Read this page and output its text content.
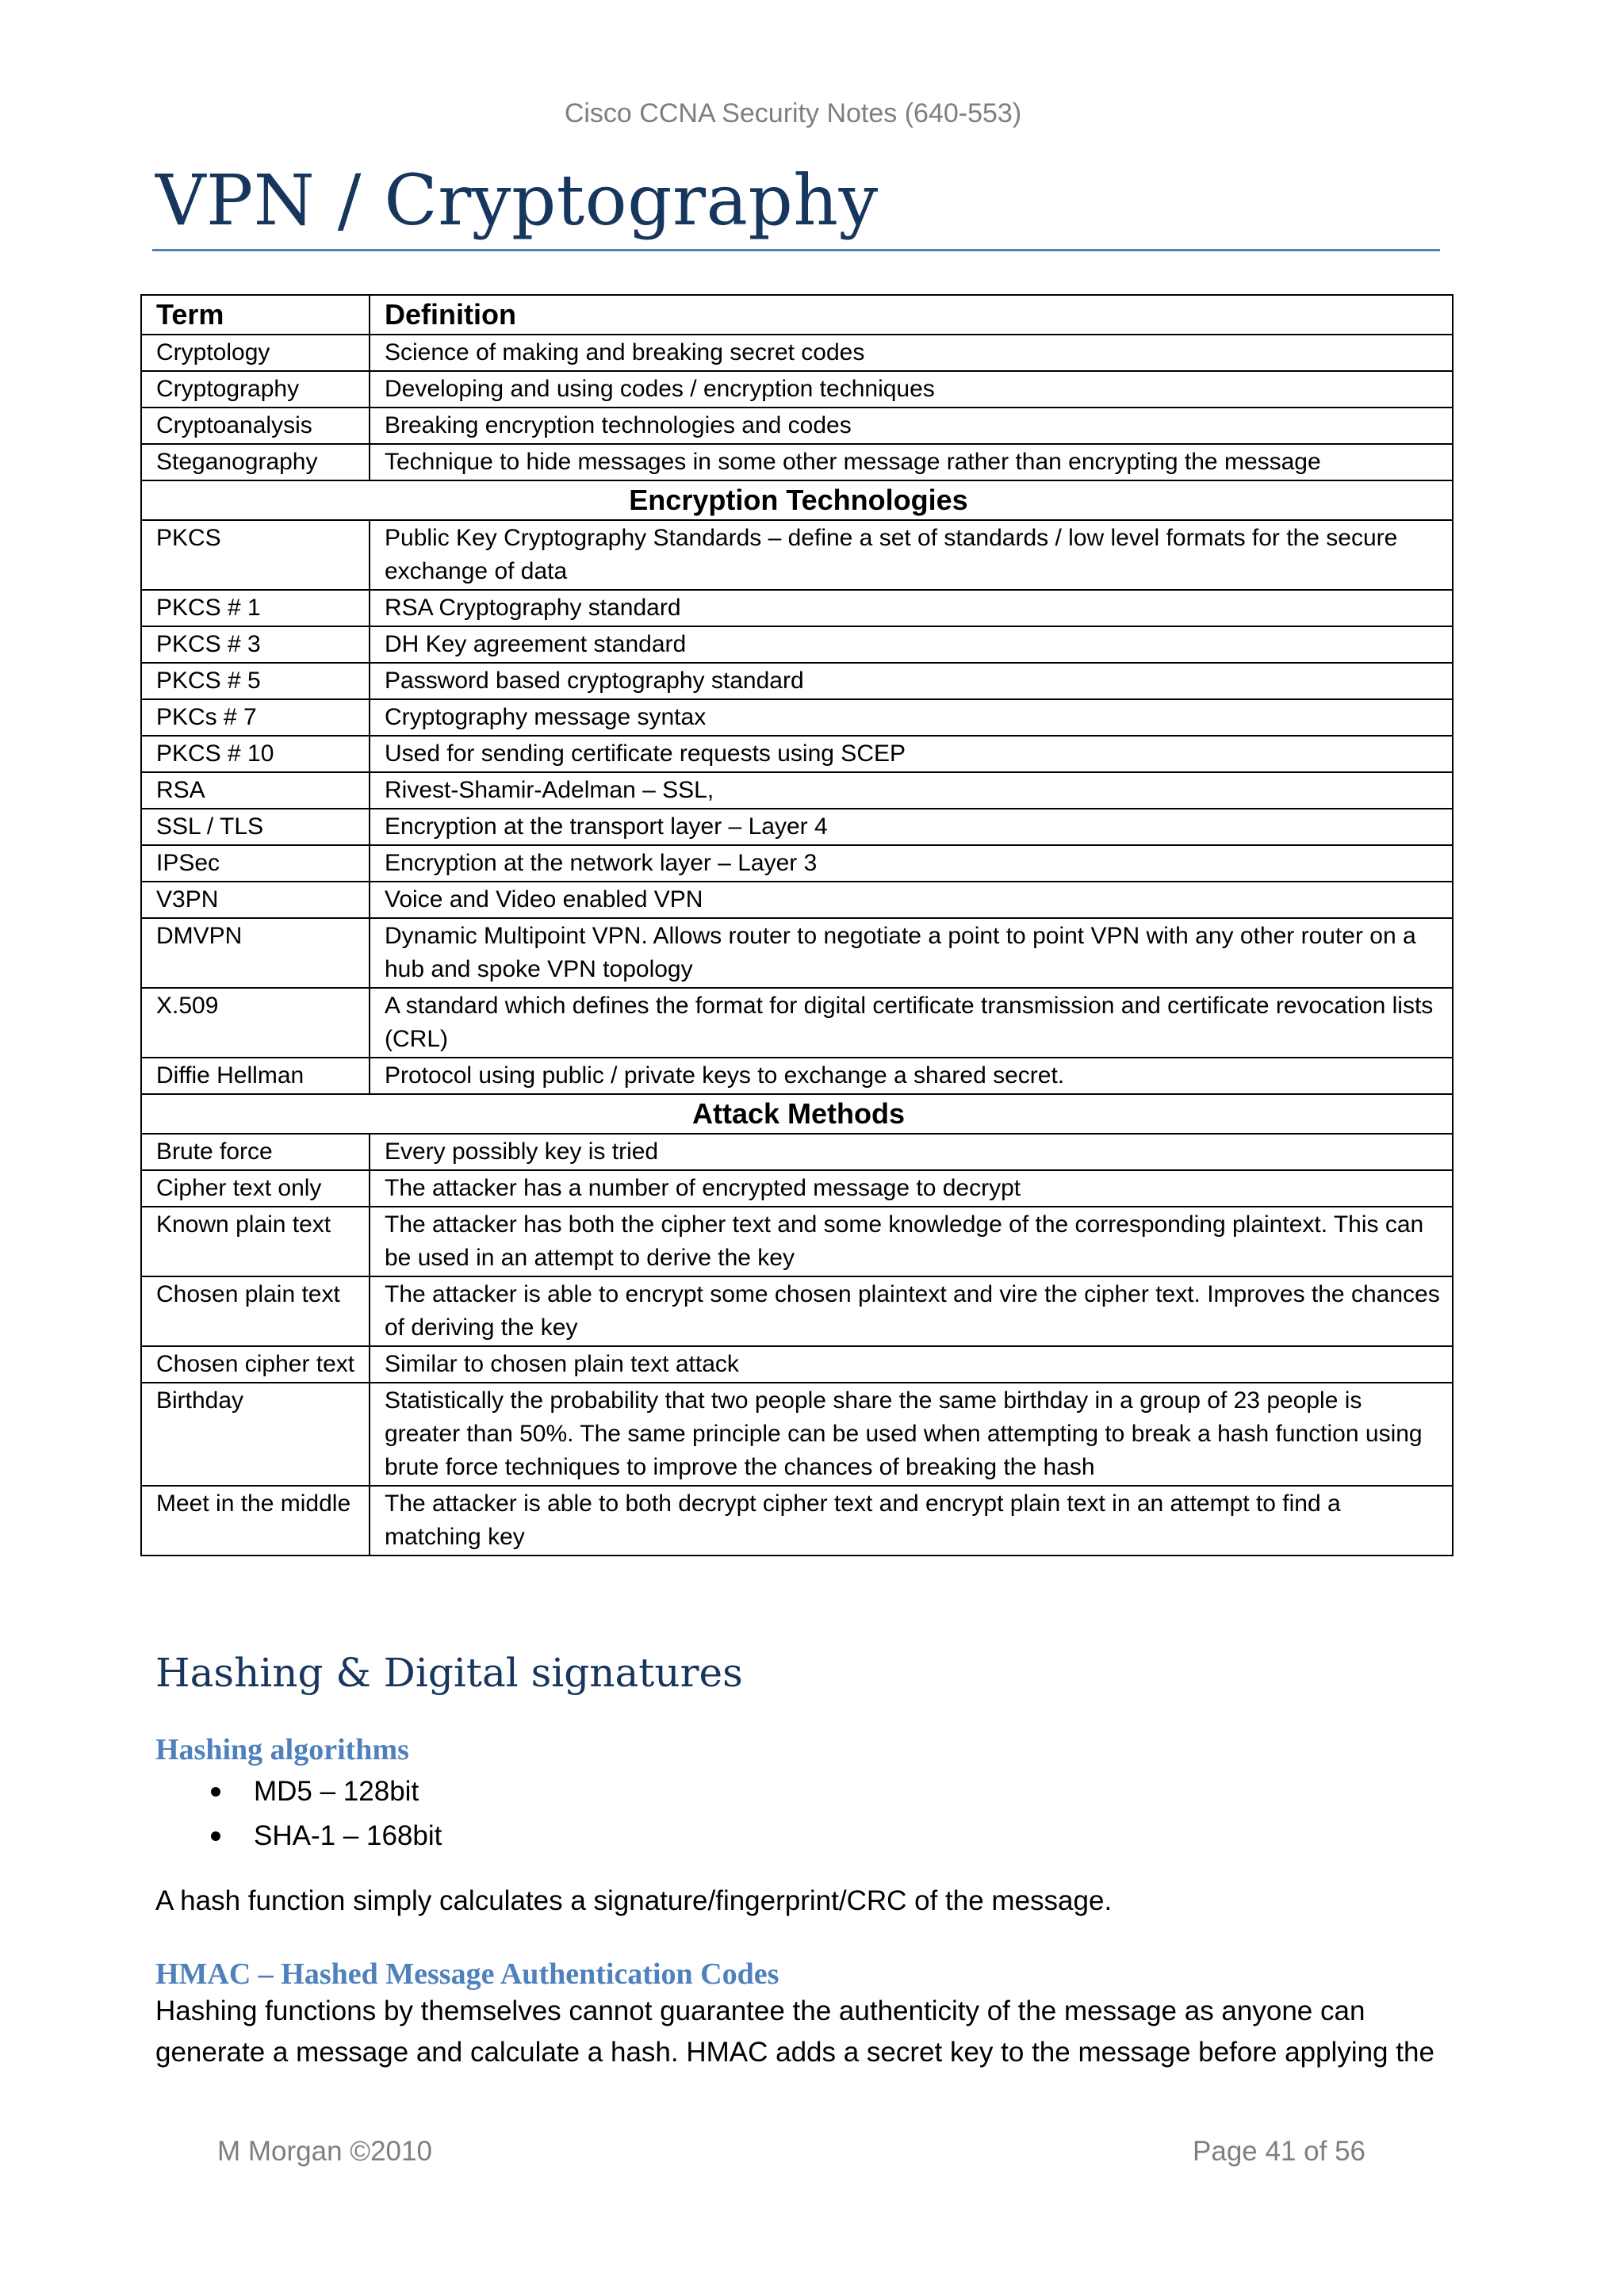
Cisco CCNA Security Notes (640-553)
VPN / Cryptography
Term	Definition
Cryptology	Science of making and breaking secret codes
Cryptography	Developing and using codes / encryption techniques
Cryptoanalysis	Breaking encryption technologies and codes
Steganography	Technique to hide messages in some other message rather than encrypting the message
Encryption Technologies	
PKCS	Public Key Cryptography Standards – define a set of standards / low level formats for the secure exchange of data
PKCS # 1	RSA Cryptography standard
PKCS # 3	DH Key agreement standard
PKCS # 5	Password based cryptography standard
PKCs # 7	Cryptography message syntax
PKCS # 10	Used for sending certificate requests using SCEP
RSA	Rivest-Shamir-Adelman – SSL,
SSL / TLS	Encryption at the transport layer – Layer 4
IPSec	Encryption at the network layer – Layer 3
V3PN	Voice and Video enabled VPN
DMVPN	Dynamic Multipoint VPN. Allows router to negotiate a point to point VPN with any other router on a hub and spoke VPN topology
X.509	A standard which defines the format for digital certificate transmission and certificate revocation lists (CRL)
Diffie Hellman	Protocol using public / private keys to exchange a shared secret.
Attack Methods	
Brute force	Every possibly key is tried
Cipher text only	The attacker has a number of encrypted message to decrypt
Known plain text	The attacker has both the cipher text and some knowledge of the corresponding plaintext. This can be used in an attempt to derive the key
Chosen plain text	The attacker is able to encrypt some chosen plaintext and vire the cipher text. Improves the chances of deriving the key
Chosen cipher text	Similar to chosen plain text attack
Birthday	Statistically the probability that two people share the same birthday in a group of 23 people is greater than 50%. The same principle can be used when attempting to break a hash function using brute force techniques to improve the chances of breaking the hash
Meet in the middle	The attacker is able to both decrypt cipher text and encrypt plain text in an attempt to find a matching key
Hashing & Digital signatures
Hashing algorithms
MD5 – 128bit
SHA-1 – 168bit

A hash function simply calculates a signature/fingerprint/CRC of the message.

HMAC – Hashed Message Authentication Codes

Hashing functions by themselves cannot guarantee the authenticity of the message as anyone can generate a message and calculate a hash. HMAC adds a secret key to the message before applying the

M Morgan ©2010	Page 41 of 56
